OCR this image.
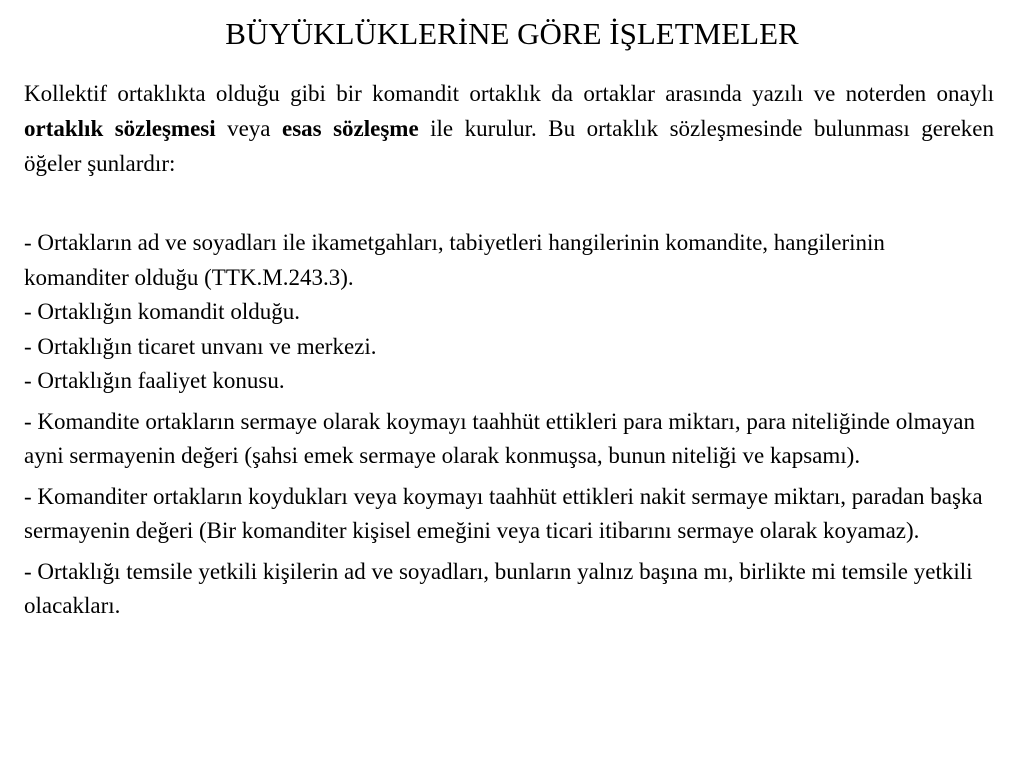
BÜYÜKLÜKLERİNE GÖRE İŞLETMELER

Kollektif ortaklıkta olduğu gibi bir komandit ortaklık da ortaklar arasında yazılı ve noterden onaylı ortaklık sözleşmesi veya esas sözleşme ile kurulur. Bu ortaklık sözleşmesinde bulunması gereken öğeler şunlardır:

- Ortakların ad ve soyadları ile ikametgahları, tabiyetleri hangilerinin komandite, hangilerinin komanditer olduğu (TTK.M.243.3).
- Ortaklığın komandit olduğu.
- Ortaklığın ticaret unvanı ve merkezi.
- Ortaklığın faaliyet konusu.
- Komandite ortakların sermaye olarak koymayı taahhüt ettikleri para miktarı, para niteliğinde olmayan ayni sermayenin değeri (şahsi emek sermaye olarak konmuşsa, bunun niteliği ve kapsamı).
- Komanditer ortakların koydukları veya koymayı taahhüt ettikleri nakit sermaye miktarı, paradan başka sermayenin değeri (Bir komanditer kişisel emeğini veya ticari itibarını sermaye olarak koyamaz).
- Ortaklığı temsile yetkili kişilerin ad ve soyadları, bunların yalnız başına mı, birlikte mi temsile yetkili olacakları.
